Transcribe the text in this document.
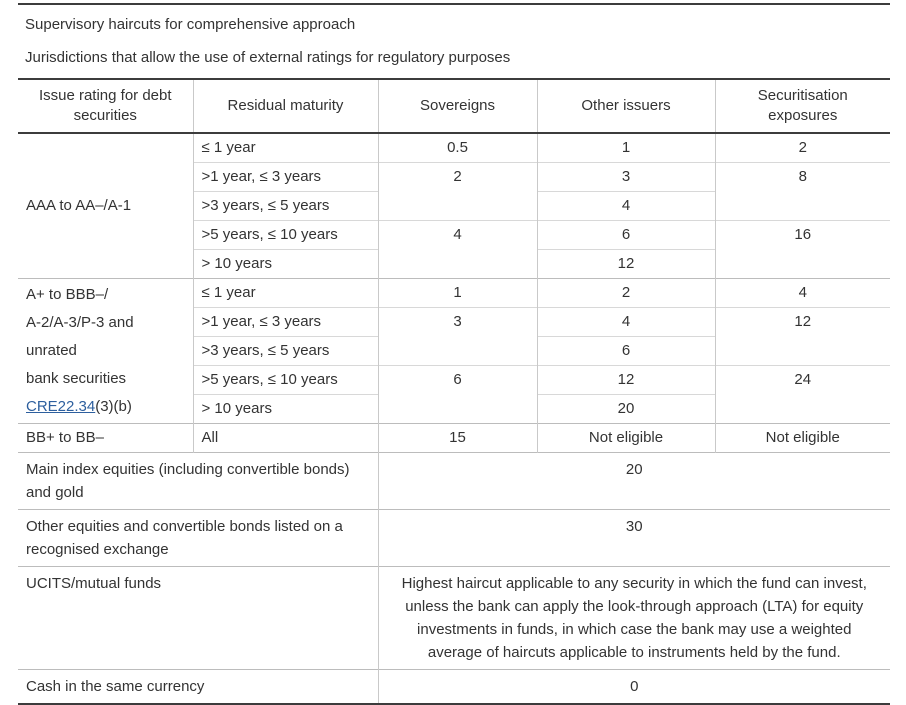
Supervisory haircuts for comprehensive approach
Jurisdictions that allow the use of external ratings for regulatory purposes
Issue rating for debt securities	Residual maturity	Sovereigns	Other issuers	Securitisation exposures
AAA to AA–/A-1	≤ 1 year	0.5	1	2
	>1 year, ≤ 3 years	2	3	8
	>3 years, ≤ 5 years		4	
	>5 years, ≤ 10 years	4	6	16
	> 10 years		12	

A+ to BBB–/
A-2/A-3/P-3 and unrated
bank securities
CRE22.34(3)(b)	≤ 1 year	1	2	4
	>1 year, ≤ 3 years	3	4	12
	>3 years, ≤ 5 years		6	
	>5 years, ≤ 10 years	6	12	24
	> 10 years		20	
BB+ to BB–	All	15	Not eligible	Not eligible
Main index equities (including convertible bonds) and gold		20		
Other equities and convertible bonds listed on a recognised exchange		30		
UCITS/mutual funds		Highest haircut applicable to any security in which the fund can invest, unless the bank can apply the look-through approach (LTA) for equity investments in funds, in which case the bank may use a weighted average of haircuts applicable to instruments held by the fund.		
Cash in the same currency		0		
